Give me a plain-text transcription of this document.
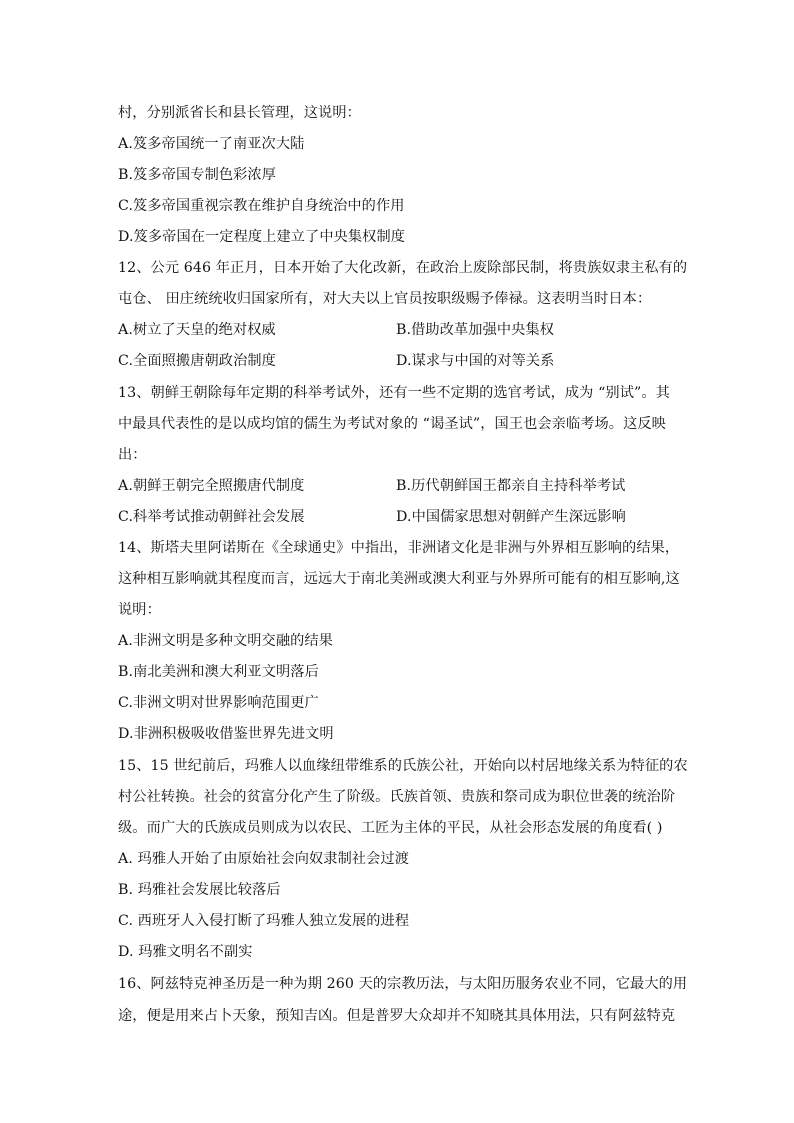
村，分别派省长和县长管理，这说明：
A.笈多帝国统一了南亚次大陆
B.笈多帝国专制色彩浓厚
C.笈多帝国重视宗教在维护自身统治中的作用
D.笈多帝国在一定程度上建立了中央集权制度
12、公元 646 年正月，日本开始了大化改新，在政治上废除部民制，将贵族奴隶主私有的
屯仓、 田庄统统收归国家所有，对大夫以上官员按职级赐予俸禄。这表明当时日本：
A.树立了天皇的绝对权威	B.借助改革加强中央集权
C.全面照搬唐朝政治制度	D.谋求与中国的对等关系
13、朝鲜王朝除每年定期的科举考试外，还有一些不定期的选官考试，成为 “别试”。其
中最具代表性的是以成均馆的儒生为考试对象的 “谒圣试”，国王也会亲临考场。这反映
出：
A.朝鲜王朝完全照搬唐代制度	B.历代朝鲜国王都亲自主持科举考试
C.科举考试推动朝鲜社会发展	D.中国儒家思想对朝鲜产生深远影响
14、斯塔夫里阿诺斯在《全球通史》中指出，非洲诸文化是非洲与外界相互影响的结果，
这种相互影响就其程度而言，远远大于南北美洲或澳大利亚与外界所可能有的相互影响,这
说明：
A.非洲文明是多种文明交融的结果
B.南北美洲和澳大利亚文明落后
C.非洲文明对世界影响范围更广
D.非洲积极吸收借鉴世界先进文明
15、15 世纪前后，玛雅人以血缘纽带维系的氏族公社，开始向以村居地缘关系为特征的农
村公社转换。社会的贫富分化产生了阶级。氏族首领、贵族和祭司成为职位世袭的统治阶
级。而广大的氏族成员则成为以农民、工匠为主体的平民，从社会形态发展的角度看( )
A. 玛雅人开始了由原始社会向奴隶制社会过渡
B. 玛雅社会发展比较落后
C. 西班牙人入侵打断了玛雅人独立发展的进程
D. 玛雅文明名不副实
16、阿兹特克神圣历是一种为期 260 天的宗教历法，与太阳历服务农业不同，它最大的用
途，便是用来占卜天象，预知吉凶。但是普罗大众却并不知晓其具体用法，只有阿兹特克
